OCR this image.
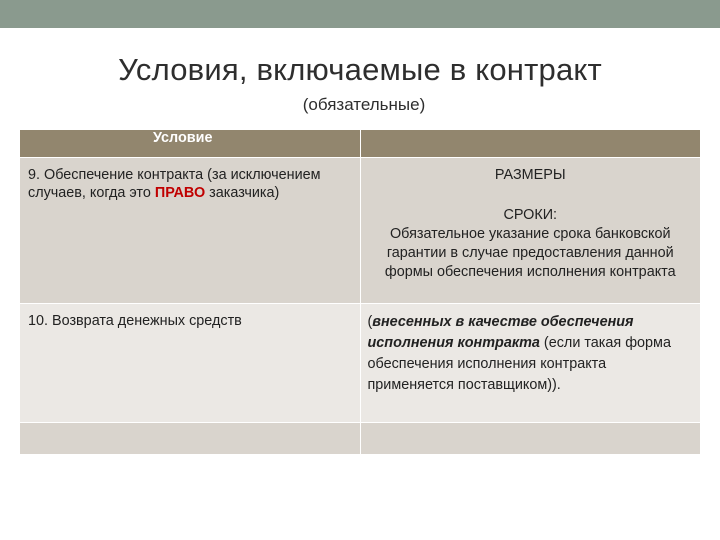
Условия, включаемые в контракт
(обязательные)
Условие	

9. Обеспечение контракта (за исключением случаев, когда это ПРАВО заказчика)	РАЗМЕРЫ
СРОКИ:
Обязательное указание срока банковской гарантии в случае предоставления данной формы обеспечения исполнения контракта

10. Возврата денежных средств	(внесенных в качестве обеспечения исполнения контракта (если такая форма обеспечения исполнения контракта применяется поставщиком)).
